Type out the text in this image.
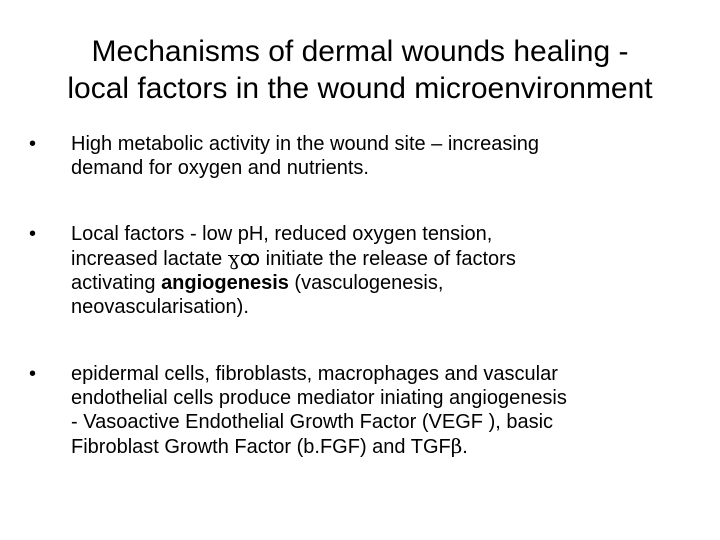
Mechanisms of dermal wounds healing -
local factors in the wound microenvironment
•	High metabolic activity in the wound site – increasing
demand for oxygen and nutrients.
•	Local factors - low pH, reduced oxygen tension,
increased lactate ɣꝏ initiate the release of factors
activating angiogenesis (vasculogenesis,
neovascularisation).
•	epidermal cells, fibroblasts, macrophages and vascular
endothelial cells produce mediator iniating angiogenesis
- Vasoactive Endothelial Growth Factor (VEGF ), basic
Fibroblast Growth Factor (b.FGF) and TGFβ.
